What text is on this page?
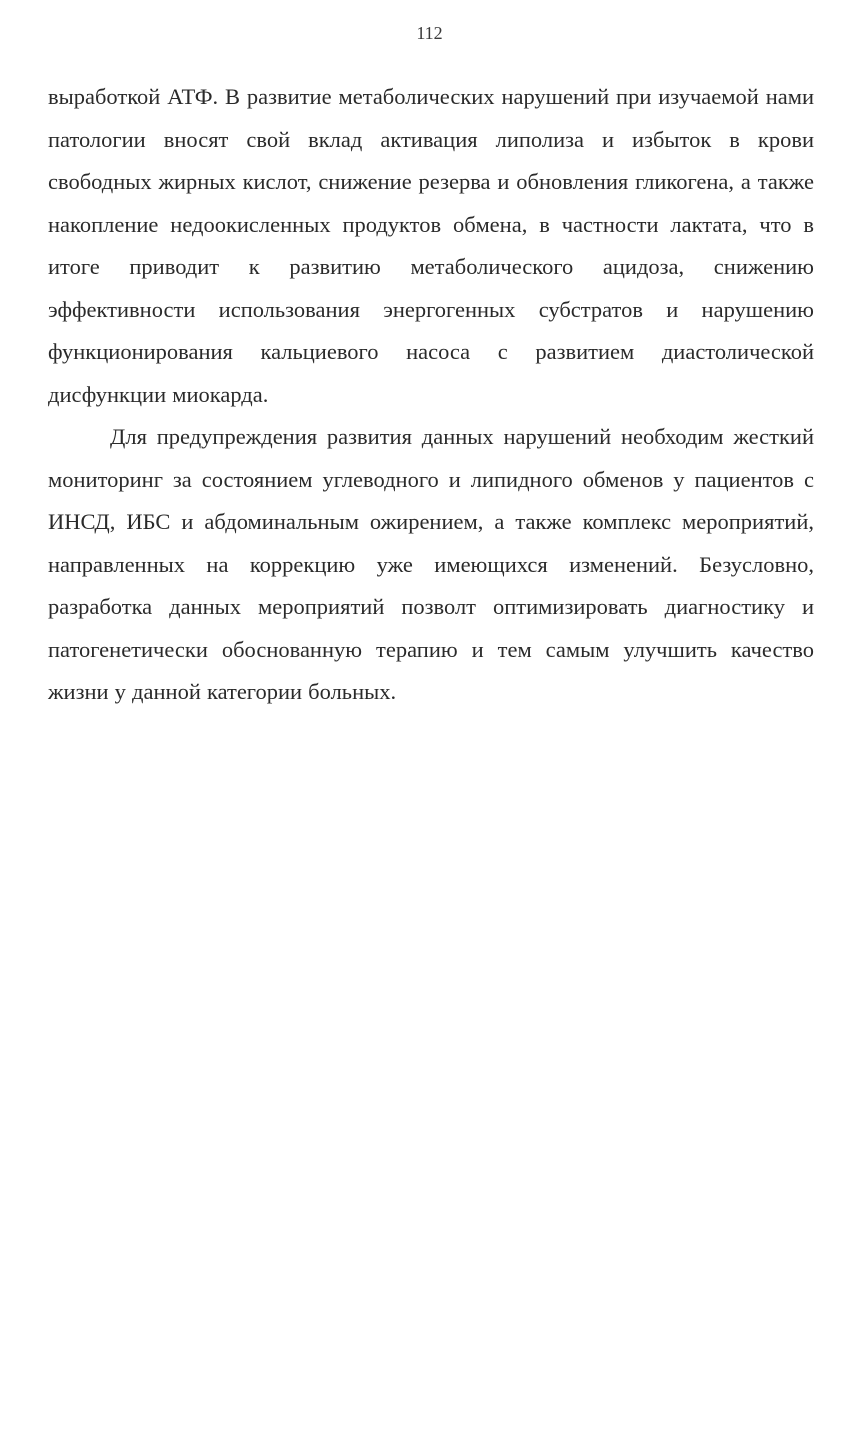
112

выработкой АТФ. В развитие метаболических нарушений при изучаемой нами патологии вносят свой вклад активация липолиза и избыток в крови свободных жирных кислот, снижение резерва и обновления гликогена, а также накопление недоокисленных продуктов обмена, в частности лактата, что в итоге приводит к развитию метаболического ацидоза, снижению эффективности использования энергогенных субстратов и нарушению функционирования кальциевого насоса с развитием диастолической дисфункции миокарда.

Для предупреждения развития данных нарушений необходим жесткий мониторинг за состоянием углеводного и липидного обменов у пациентов с ИНСД, ИБС и абдоминальным ожирением, а также комплекс мероприятий, направленных на коррекцию уже имеющихся изменений. Безусловно, разработка данных мероприятий позволт оптимизировать диагностику и патогенетически обоснованную терапию и тем самым улучшить качество жизни у данной категории больных.
